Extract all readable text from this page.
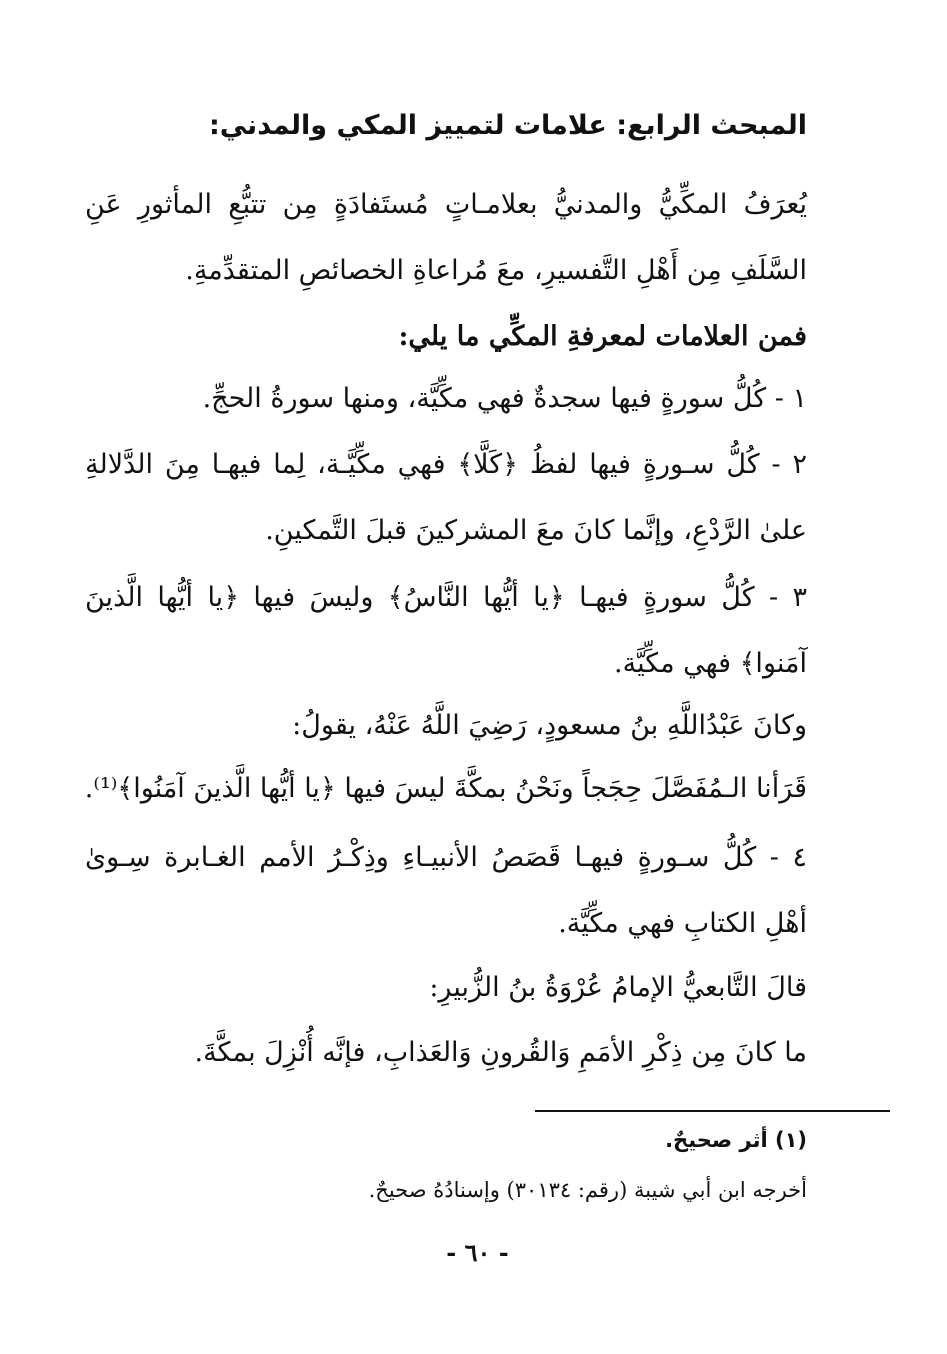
المبحث الرابع: علامات لتمييز المكي والمدني:
يُعرَفُ المكِّيُّ والمدنيُّ بعلامـاتٍ مُستَفادَةٍ مِن تتبُّعِ المأثورِ عَنِ السَّلَفِ مِن أَهْلِ التَّفسيرِ، معَ مُراعاةِ الخصائصِ المتقدِّمةِ.
فمن العلامات لمعرفةِ المكِّي ما يلي:
١ - كُلُّ سورةٍ فيها سجدةٌ فهي مكِّيَّة، ومنها سورةُ الحجِّ.
٢ - كُلُّ سـورةٍ فيها لفظُ ﴿كَلَّا﴾ فهي مكِّيَّـة، لِما فيهـا مِنَ الدَّلالةِ علىٰ الرَّدْعِ، وإنَّما كانَ معَ المشركينَ قبلَ التَّمكينِ.
٣ - كُلُّ سورةٍ فيهـا ﴿يا أيُّها النَّاسُ﴾ وليسَ فيها ﴿يا أيُّها الَّذينَ آمَنوا﴾ فهي مكِّيَّة.
وكانَ عَبْدُاللَّهِ بنُ مسعودٍ، رَضِيَ اللَّهُ عَنْهُ، يقولُ:
قَرَأنا الـمُفَصَّلَ حِجَجاً ونَحْنُ بمكَّةَ ليسَ فيها ﴿يا أيُّها الَّذينَ آمَنُوا﴾⁽¹⁾.
٤ - كُلُّ سـورةٍ فيهـا قَصَصُ الأنبيـاءِ وذِكْـرُ الأمم الغـابرة سِـوىٰ أهْلِ الكتابِ فهي مكِّيَّة.
قالَ التَّابعيُّ الإمامُ عُرْوَةُ بنُ الزُّبيرِ:
ما كانَ مِن ذِكْرِ الأمَمِ وَالقُرونِ وَالعَذابِ، فإنَّه أُنْزِلَ بمكَّةَ.
(١) أثر صحيحٌ.
أخرجه ابن أبي شيبة (رقم: ٣٠١٣٤) وإسنادُهُ صحيحٌ.
- ٦٠ -
